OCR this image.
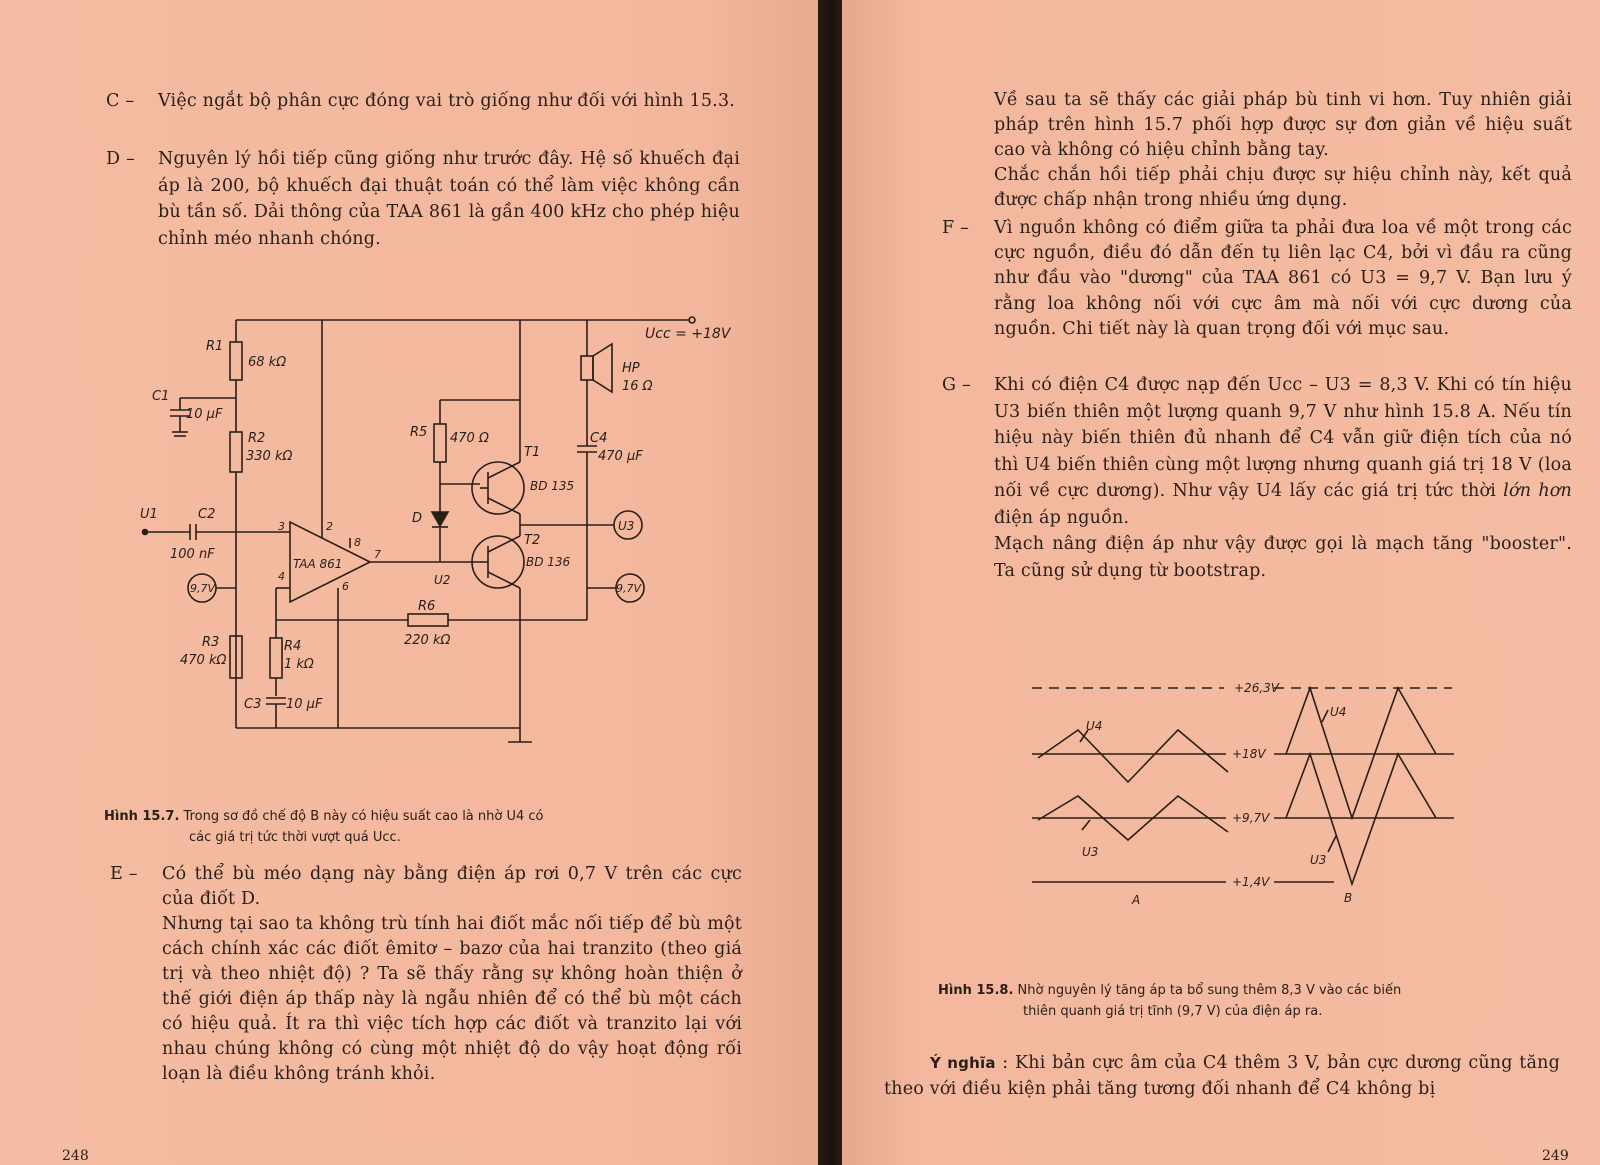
C – Việc ngắt bộ phân cực đóng vai trò giống như đối với hình 15.3.
D – Nguyên lý hồi tiếp cũng giống như trước đây. Hệ số khuếch đại áp là 200, bộ khuếch đại thuật toán có thể làm việc không cần bù tần số. Dải thông của TAA 861 là gần 400 kHz cho phép hiệu chỉnh méo nhanh chóng.
Ucc = +18V
R1
68 kΩ
C1
10 µF
R2
330 kΩ
U1	C2
100 nF
9,7V
R3
470 kΩ
R4
1 kΩ
C3 10 µF
TAA 861
2
3
4
6
7
8
R5 470 Ω
D
U2
T1
BD 135
T2
BD 136
R6
220 kΩ
HP
16 Ω
C4
470 µF
U3
9,7V
Hình 15.7. Trong sơ đồ chế độ B này có hiệu suất cao là nhờ U4 có
các giá trị tức thời vượt quá Ucc.
E – Có thể bù méo dạng này bằng điện áp rơi 0,7 V trên các cực của điốt D.
Nhưng tại sao ta không trù tính hai điốt mắc nối tiếp để bù một cách chính xác các điốt êmitơ – bazơ của hai tranzito (theo giá trị và theo nhiệt độ) ? Ta sẽ thấy rằng sự không hoàn thiện ở thế giới điện áp thấp này là ngẫu nhiên để có thể bù một cách có hiệu quả. Ít ra thì việc tích hợp các điốt và tranzito lại với nhau chúng không có cùng một nhiệt độ do vậy hoạt động rối loạn là điều không tránh khỏi.
248
Về sau ta sẽ thấy các giải pháp bù tinh vi hơn. Tuy nhiên giải pháp trên hình 15.7 phối hợp được sự đơn giản về hiệu suất cao và không có hiệu chỉnh bằng tay.
Chắc chắn hồi tiếp phải chịu được sự hiệu chỉnh này, kết quả được chấp nhận trong nhiều ứng dụng.
F – Vì nguồn không có điểm giữa ta phải đưa loa về một trong các cực nguồn, điều đó dẫn đến tụ liên lạc C4, bởi vì đầu ra cũng như đầu vào "dương" của TAA 861 có U3 = 9,7 V. Bạn lưu ý rằng loa không nối với cực âm mà nối với cực dương của nguồn. Chi tiết này là quan trọng đối với mục sau.
G – Khi có điện C4 được nạp đến Ucc – U3 = 8,3 V. Khi có tín hiệu U3 biến thiên một lượng quanh 9,7 V như hình 15.8 A. Nếu tín hiệu này biến thiên đủ nhanh để C4 vẫn giữ điện tích của nó thì U4 biến thiên cùng một lượng nhưng quanh giá trị 18 V (loa nối về cực dương). Như vậy U4 lấy các giá trị tức thời lớn hơn điện áp nguồn.
Mạch nâng điện áp như vậy được gọi là mạch tăng "booster". Ta cũng sử dụng từ bootstrap.
+26,3V
+18V
+9,7V
+1,4V
U4
U3
U4
U3
A	B
Hình 15.8. Nhờ nguyên lý tăng áp ta bổ sung thêm 8,3 V vào các biến
thiên quanh giá trị tĩnh (9,7 V) của điện áp ra.
Ý nghĩa : Khi bản cực âm của C4 thêm 3 V, bản cực dương cũng tăng theo với điều kiện phải tăng tương đối nhanh để C4 không bị
249
